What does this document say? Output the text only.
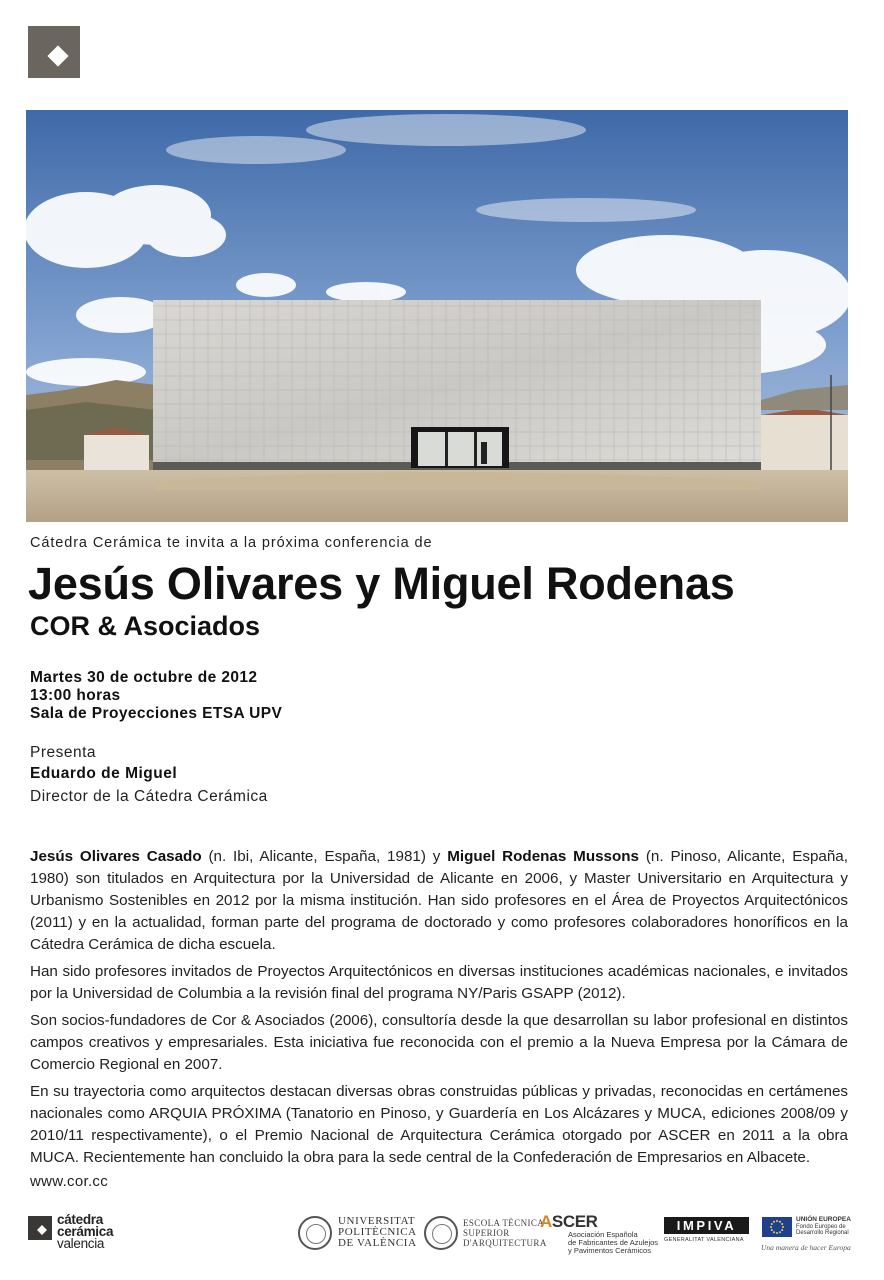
Cátedra Cerámica te invita a la próxima conferencia de
Jesús Olivares y Miguel Rodenas
COR & Asociados
Martes 30 de octubre de 2012
13:00 horas
Sala de Proyecciones ETSA UPV
Presenta
Eduardo de Miguel
Director de la Cátedra Cerámica

Jesús Olivares Casado (n. Ibi, Alicante, España, 1981) y Miguel Rodenas Mussons (n. Pinoso, Alicante, España, 1980) son titulados en Arquitectura por la Universidad de Alicante en 2006, y Master Universitario en Arquitectura y Urbanismo Sostenibles en 2012 por la misma institución. Han sido profesores en el Área de Proyectos Arquitectónicos (2011) y en la actualidad, forman parte del programa de doctorado y como profesores colaboradores honoríficos en la Cátedra Cerámica de dicha escuela.

Han sido profesores invitados de Proyectos Arquitectónicos en diversas instituciones académicas nacionales, e invitados por la Universidad de Columbia a la revisión final del programa NY/Paris GSAPP (2012).

Son socios-fundadores de Cor & Asociados (2006), consultoría desde la que desarrollan su labor profesional en distintos campos creativos y empresariales. Esta iniciativa fue reconocida con el premio a la Nueva Empresa por la Cámara de Comercio Regional en 2007.

En su trayectoria como arquitectos destacan diversas obras construidas públicas y privadas, reconocidas en certámenes nacionales como ARQUIA PRÓXIMA (Tanatorio en Pinoso, y Guardería en Los Alcázares y MUCA, ediciones 2008/09 y 2010/11 respectivamente), o el Premio Nacional de Arquitectura Cerámica otorgado por ASCER en 2011 a la obra MUCA. Recientemente han concluido la obra para la sede central de la Confederación de Empresarios en Albacete.

www.cor.cc
cátedra
cerámica
valencia
UNIVERSITAT
POLITÈCNICA
DE VALÈNCIA
ESCOLA TÈCNICA
SUPERIOR
D'ARQUITECTURA
ASCER
Asociación Española
de Fabricantes de Azulejos
y Pavimentos Cerámicos
IMPIVA
GENERALITAT VALENCIANA
UNIÓN EUROPEA
Fondo Europeo de
Desarrollo Regional
Una manera de hacer Europa
